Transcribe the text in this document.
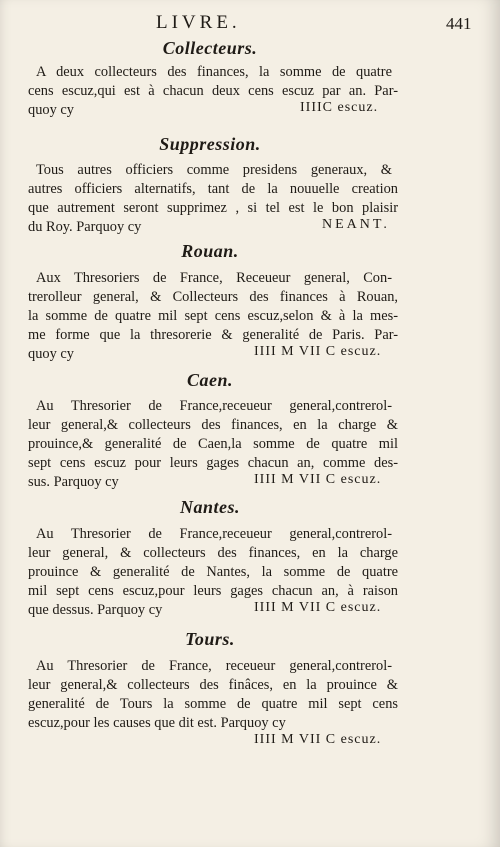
LIVRE.	441
Collecteurs.
A deux collecteurs des finances, la somme de quatre
cens escuz,qui est à chacun deux cens escuz par an. Par-
quoy cy	IIIIC escuz.
Suppression.
Tous autres officiers comme presidens generaux, &
autres officiers alternatifs, tant de la nouuelle creation
que autrement seront supprimez , si tel est le bon plaisir
du Roy. Parquoy cy	NEANT.
Rouan.
Aux Thresoriers de France, Receueur general, Con-
trerolleur general, & Collecteurs des finances à Rouan,
la somme de quatre mil sept cens escuz,selon & à la mes-
me forme que la thresorerie & generalité de Paris. Par-
quoy cy	IIII M VII C escuz.
Caen.
Au Thresorier de France,receueur general,contrerol-
leur general,& collecteurs des finances, en la charge &
prouince,& generalité de Caen,la somme de quatre mil
sept cens escuz pour leurs gages chacun an, comme des-
sus. Parquoy cy	IIII M VII C escuz.
Nantes.
Au Thresorier de France,receueur general,contrerol-
leur general, & collecteurs des finances, en la charge
prouince & generalité de Nantes, la somme de quatre
mil sept cens escuz,pour leurs gages chacun an, à raison
que dessus. Parquoy cy	IIII M VII C escuz.
Tours.
Au Thresorier de France, receueur general,contrerol-
leur general,& collecteurs des finâces, en la prouince &
generalité de Tours la somme de quatre mil sept cens
escuz,pour les causes que dit est. Parquoy cy
IIII M VII C escuz.
